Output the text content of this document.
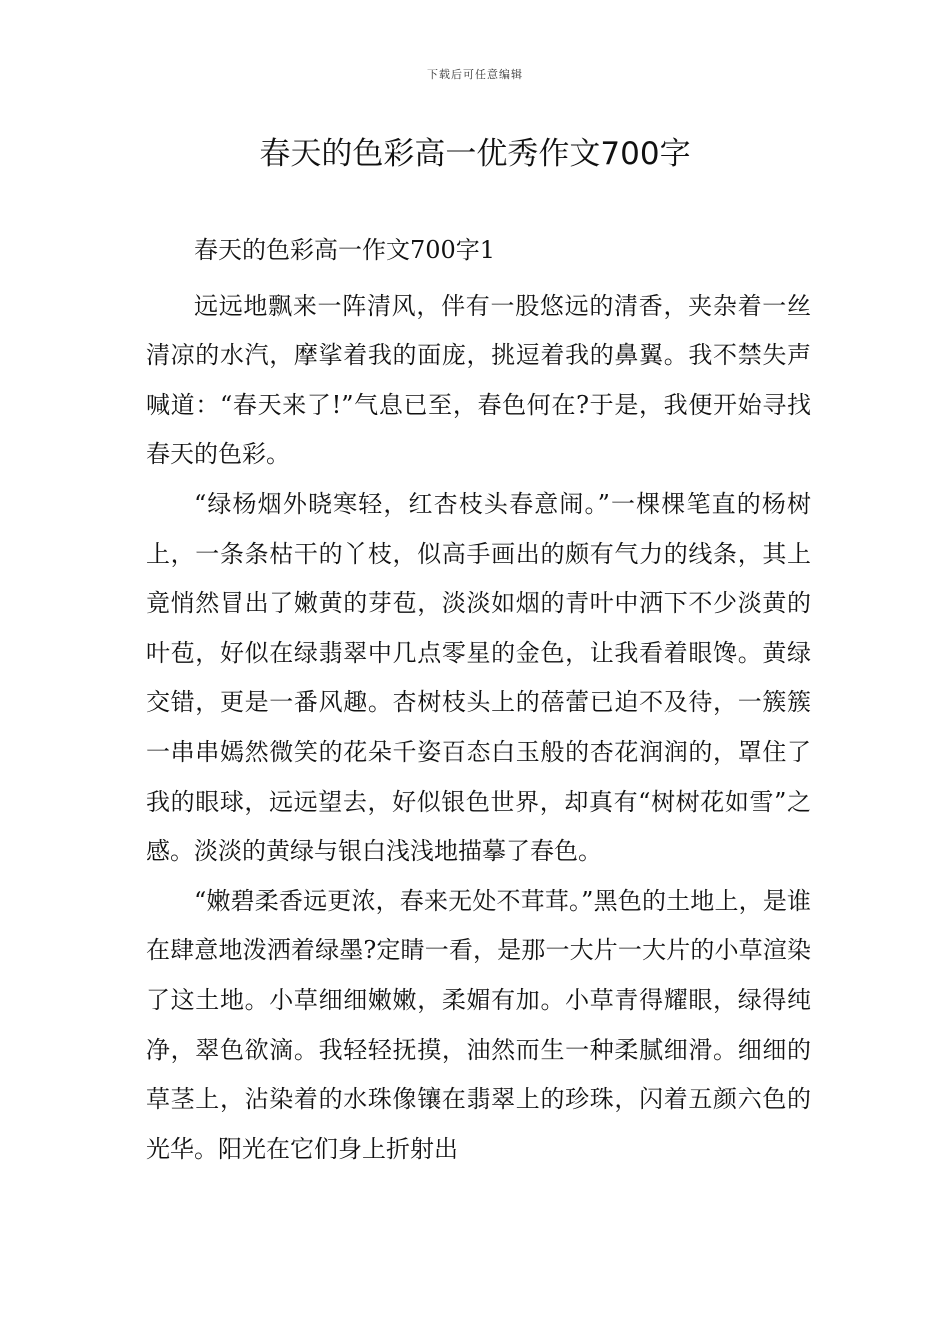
下载后可任意编辑
春天的色彩高一优秀作文700字

春天的色彩高一作文700字1

远远地飘来一阵清风，伴有一股悠远的清香，夹杂着一丝清凉的水汽，摩挲着我的面庞，挑逗着我的鼻翼。我不禁失声喊道：“春天来了!”气息已至，春色何在?于是，我便开始寻找春天的色彩。

“绿杨烟外晓寒轻，红杏枝头春意闹。”一棵棵笔直的杨树上，一条条枯干的丫枝，似高手画出的颇有气力的线条，其上竟悄然冒出了嫩黄的芽苞，淡淡如烟的青叶中洒下不少淡黄的叶苞，好似在绿翡翠中几点零星的金色，让我看着眼馋。黄绿交错，更是一番风趣。杏树枝头上的蓓蕾已迫不及待，一簇簇一串串嫣然微笑的花朵千姿百态白玉般的杏花润润的，罩住了我的眼球，远远望去，好似银色世界，却真有“树树花如雪”之感。淡淡的黄绿与银白浅浅地描摹了春色。

“嫩碧柔香远更浓，春来无处不茸茸。”黑色的土地上，是谁在肆意地泼洒着绿墨?定睛一看，是那一大片一大片的小草渲染了这土地。小草细细嫩嫩，柔媚有加。小草青得耀眼，绿得纯净，翠色欲滴。我轻轻抚摸，油然而生一种柔腻细滑。细细的草茎上，沾染着的水珠像镶在翡翠上的珍珠，闪着五颜六色的光华。阳光在它们身上折射出
